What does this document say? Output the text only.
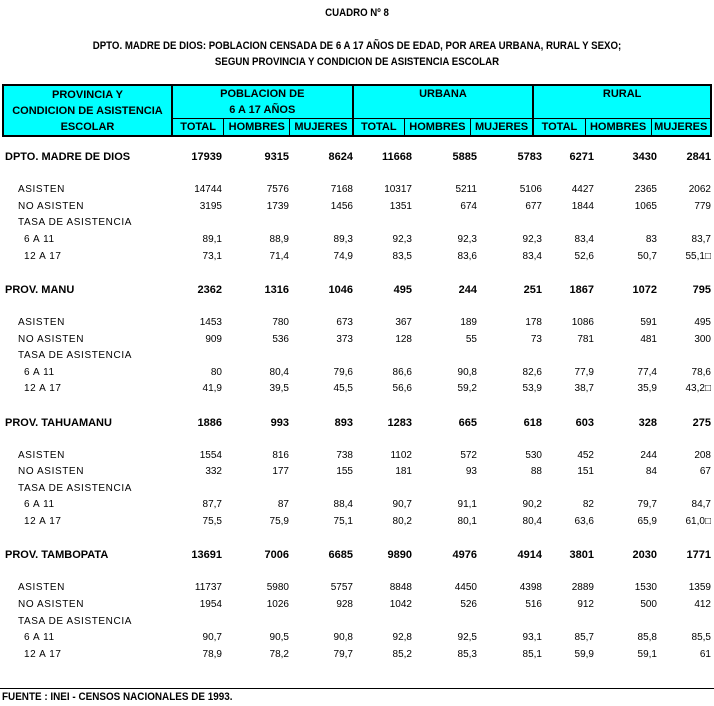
CUADRO Nº 8
DPTO. MADRE DE DIOS: POBLACION CENSADA DE 6 A 17 AÑOS DE EDAD, POR AREA URBANA, RURAL Y SEXO;
SEGUN PROVINCIA Y CONDICION DE ASISTENCIA ESCOLAR
PROVINCIA Y
CONDICION DE ASISTENCIA
ESCOLAR	POBLACION DE			URBANA			RURAL		
	6 A 17 AÑOS								
	TOTAL	HOMBRES	MUJERES	TOTAL	HOMBRES	MUJERES	TOTAL	HOMBRES	MUJERES
DPTO. MADRE DE DIOS	17939	9315	8624	11668	5885	5783	6271	3430	2841
ASISTEN	14744	7576	7168	10317	5211	5106	4427	2365	2062
NO ASISTEN	3195	1739	1456	1351	674	677	1844	1065	779
TASA DE ASISTENCIA
6 A 11	89,1	88,9	89,3	92,3	92,3	92,3	83,4	83	83,7
12 A 17	73,1	71,4	74,9	83,5	83,6	83,4	52,6	50,7	55,1□
PROV. MANU	2362	1316	1046	495	244	251	1867	1072	795
ASISTEN	1453	780	673	367	189	178	1086	591	495
NO ASISTEN	909	536	373	128	55	73	781	481	300
TASA DE ASISTENCIA
6 A 11	80	80,4	79,6	86,6	90,8	82,6	77,9	77,4	78,6
12 A 17	41,9	39,5	45,5	56,6	59,2	53,9	38,7	35,9	43,2□
PROV. TAHUAMANU	1886	993	893	1283	665	618	603	328	275
ASISTEN	1554	816	738	1102	572	530	452	244	208
NO ASISTEN	332	177	155	181	93	88	151	84	67
TASA DE ASISTENCIA
6 A 11	87,7	87	88,4	90,7	91,1	90,2	82	79,7	84,7
12 A 17	75,5	75,9	75,1	80,2	80,1	80,4	63,6	65,9	61,0□
PROV. TAMBOPATA	13691	7006	6685	9890	4976	4914	3801	2030	1771
ASISTEN	11737	5980	5757	8848	4450	4398	2889	1530	1359
NO ASISTEN	1954	1026	928	1042	526	516	912	500	412
TASA DE ASISTENCIA
6 A 11	90,7	90,5	90,8	92,8	92,5	93,1	85,7	85,8	85,5
12 A 17	78,9	78,2	79,7	85,2	85,3	85,1	59,9	59,1	61
FUENTE : INEI - CENSOS NACIONALES DE 1993.
